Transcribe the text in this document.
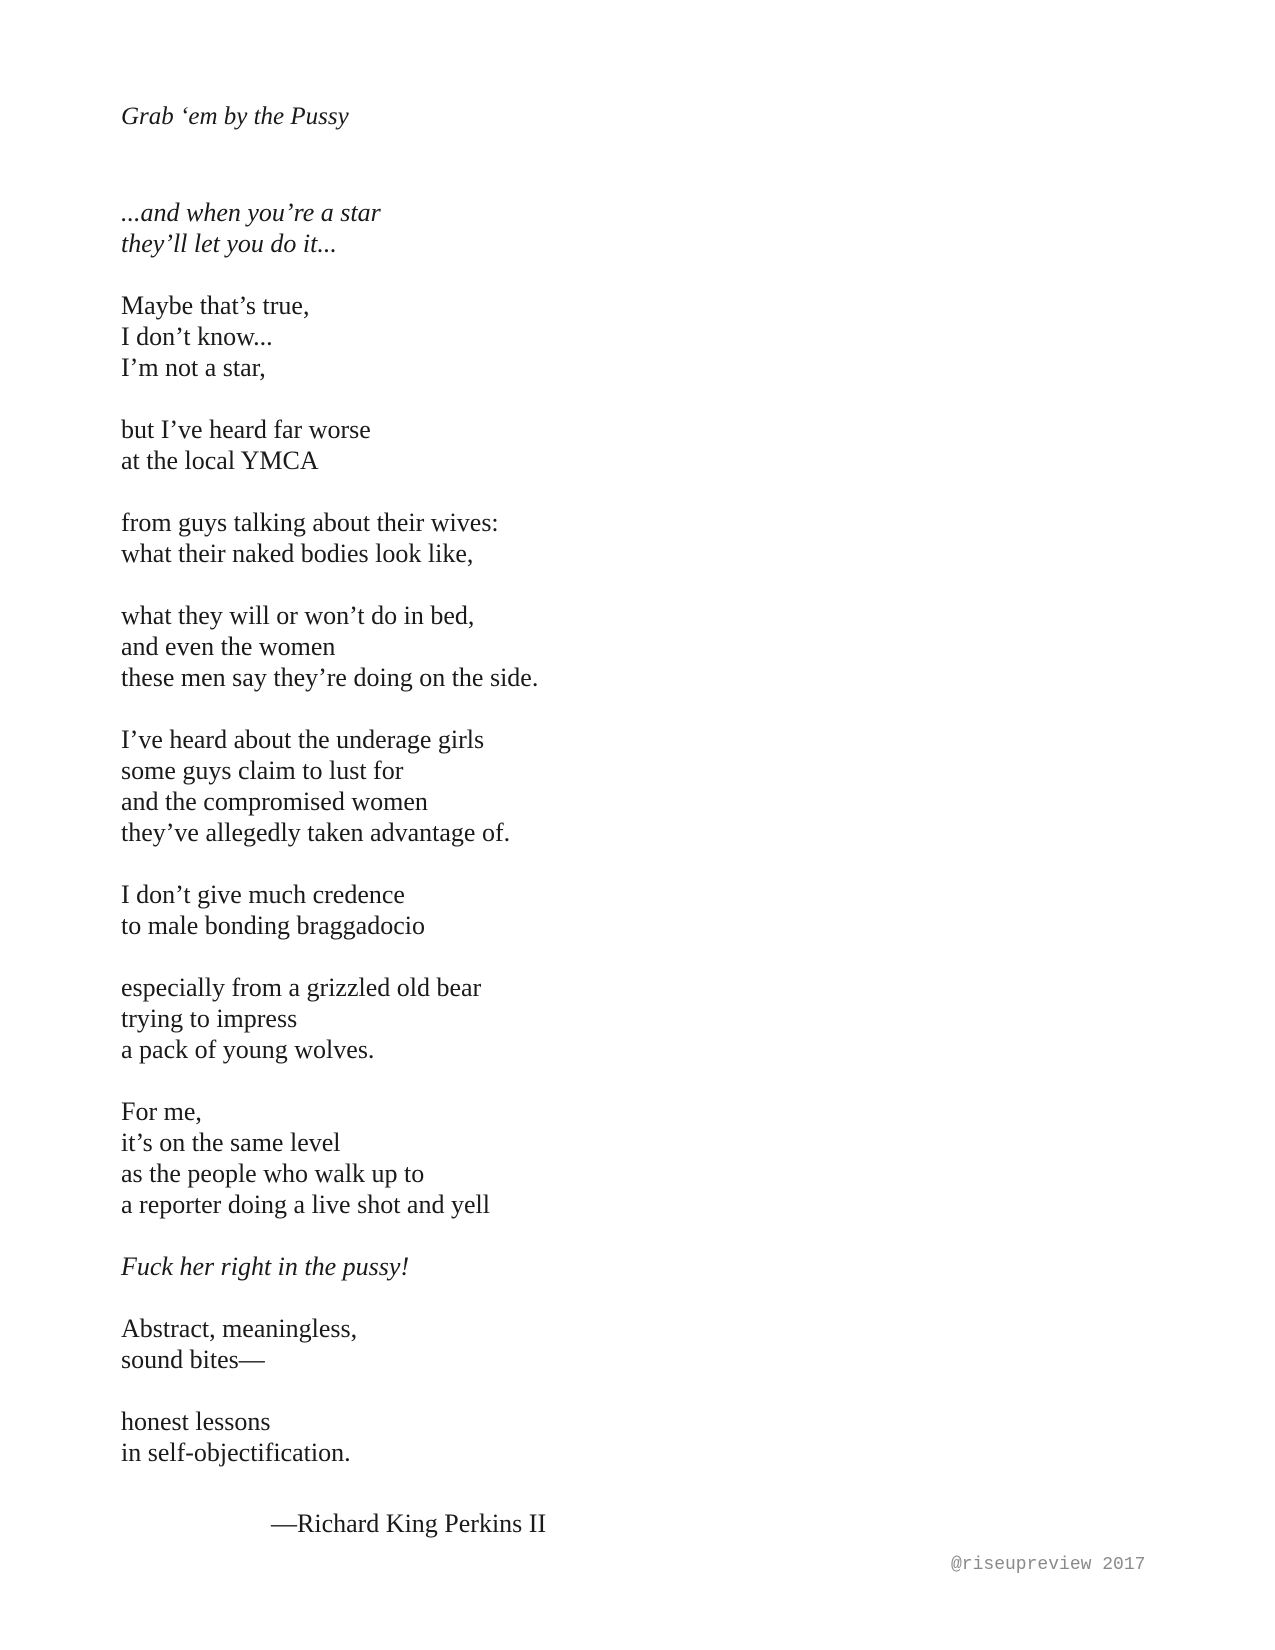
Grab ‘em by the Pussy
...and when you’re a star
they’ll let you do it...
Maybe that’s true,
I don’t know...
I’m not a star,
but I’ve heard far worse
at the local YMCA
from guys talking about their wives:
what their naked bodies look like,
what they will or won’t do in bed,
and even the women
these men say they’re doing on the side.
I’ve heard about the underage girls
some guys claim to lust for
and the compromised women
they’ve allegedly taken advantage of.
I don’t give much credence
to male bonding braggadocio
especially from a grizzled old bear
trying to impress
a pack of young wolves.
For me,
it’s on the same level
as the people who walk up to
a reporter doing a live shot and yell
Fuck her right in the pussy!
Abstract, meaningless,
sound bites—
honest lessons
in self-objectification.
—Richard King Perkins II
@riseupreview 2017
